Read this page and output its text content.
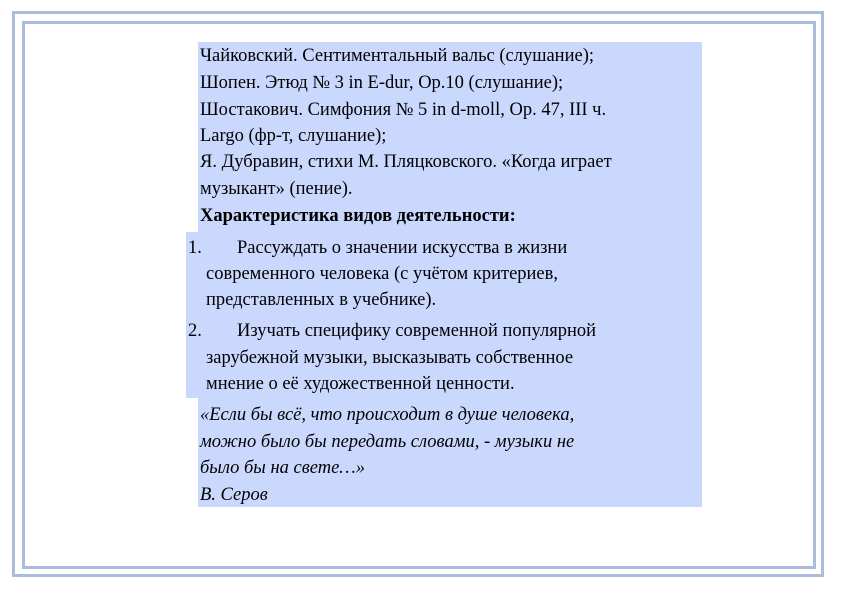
Чайковский. Сентиментальный вальс (слушание);
Шопен. Этюд № 3 in E-dur, Op.10 (слушание);
Шостакович. Симфония № 5 in d-moll, Op. 47, III ч.
Largo (фр-т, слушание);
Я. Дубравин, стихи М. Пляцковского. «Когда играет
музыкант» (пение).
Характеристика видов деятельности:
1. Рассуждать о значении искусства в жизни
современного человека (с учётом критериев,
представленных в учебнике).
2. Изучать специфику современной популярной
зарубежной музыки, высказывать собственное
мнение о её художественной ценности.
«Если бы всё, что происходит в душе человека,
можно было бы передать словами, - музыки не
было бы на свете…»
В. Серов
